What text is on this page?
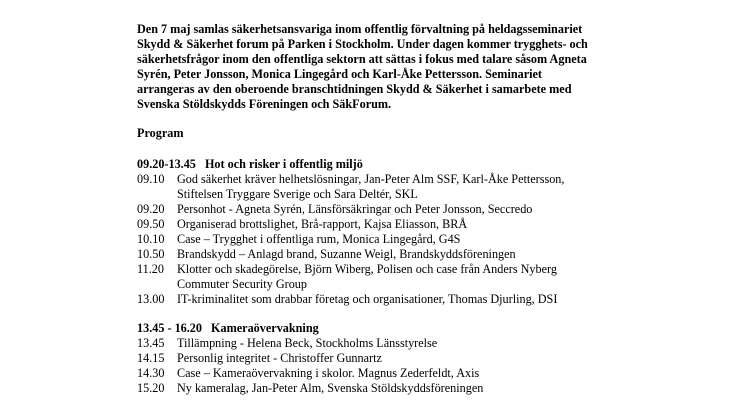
Den 7 maj samlas säkerhetsansvariga inom offentlig förvaltning på heldagsseminariet
Skydd & Säkerhet forum på Parken i Stockholm. Under dagen kommer trygghets- och
säkerhetsfrågor inom den offentliga sektorn att sättas i fokus med talare såsom Agneta
Syrén, Peter Jonsson, Monica Lingegård och Karl-Åke Pettersson. Seminariet
arrangeras av den oberoende branschtidningen Skydd & Säkerhet i samarbete med
Svenska Stöldskydds Föreningen och SäkForum.

Program

09.20-13.45 Hot och risker i offentlig miljö

09.10	God säkerhet kräver helhetslösningar, Jan-Peter Alm SSF, Karl-Åke Pettersson,
Stiftelsen Tryggare Sverige och Sara Deltér, SKL
09.20	Personhot - Agneta Syrén, Länsförsäkringar och Peter Jonsson, Seccredo
09.50	Organiserad brottslighet, Brå-rapport, Kajsa Eliasson, BRÅ
10.10	Case – Trygghet i offentliga rum, Monica Lingegård, G4S
10.50	Brandskydd – Anlagd brand, Suzanne Weigl, Brandskyddsföreningen
11.20	Klotter och skadegörelse, Björn Wiberg, Polisen och case från Anders Nyberg
Commuter Security Group
13.00	IT-kriminalitet som drabbar företag och organisationer, Thomas Djurling, DSI

13.45 - 16.20 Kameraövervakning

13.45	Tillämpning - Helena Beck, Stockholms Länsstyrelse
14.15	Personlig integritet - Christoffer Gunnartz
14.30	Case – Kameraövervakning i skolor. Magnus Zederfeldt, Axis
15.20	Ny kameralag, Jan-Peter Alm, Svenska Stöldskyddsföreningen
